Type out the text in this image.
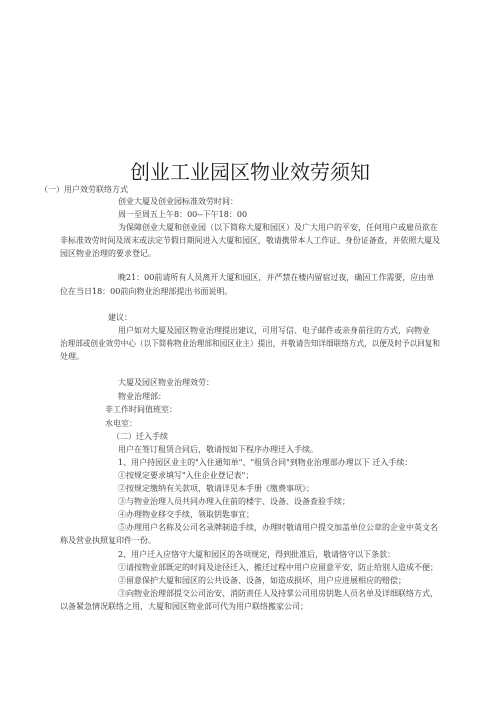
创业工业园区物业效劳须知
（一）用户效劳联络方式
创业大厦及创业园标准效劳时间：
周一至周五上午8：00--下午18：00
为保障创业大厦和创业园（以下简称大厦和园区）及广大用户的平安，任何用户或雇员欲在
非标准效劳时间及周末或法定节假日期间进入大厦和园区，敬请携带本人工作证、身份证备查，并依照大厦及
园区物业治理的要求登记。
晚21：00前请所有人员离开大厦和园区，并严禁在楼内留宿过夜，确因工作需要，应由单
位在当日18：00前向物业治理部提出书面说明。
建议：
用户如对大厦及园区物业治理提出建议，可用写信、电子邮件或亲身前往的方式，向物业
治理部或创业效劳中心（以下简称物业治理部和园区业主）提出，并敬请告知详细联络方式，以便及时予以回复和
处理。
大厦及园区物业治理效劳：
物业治理部：
非工作时间值班室：
水电室：
（二）迁入手续
用户在签订租赁合同后，敬请按如下程序办理迁入手续。
1、用户持园区业主的"入住通知单"、"租赁合同"到物业治理部办理以下 迁入手续：
①按规定要求填写"入住企业登记表"；
②按规定缴纳有关款项，敬请详见本手册《缴费事项》；
③与物业治理人员共同办理入住前的楼宇、设备、设备查验手续；
④办理物业移交手续，领取钥匙事宜；
⑤办理用户名称及公司名录牌制造手续，办理时敬请用户提交加盖单位公章的企业中英文名
称及营业执照复印件一份。
2、用户迁入应恪守大厦和园区的各项规定，得到批准后，敬请恪守以下条款：
①请按物业部既定的时间及途径迁入，搬迁过程中用户应留意平安，防止给别人造成不便；
②留意保护大厦和园区的公共设备、设备，如造成损坏，用户应进展相应的赔偿；
③向物业治理部提交公司治安、消防责任人及持掌公司用房钥匙人员名单及详细联络方式，
以备紧急情况联络之用，大厦和园区物业部可代为用户联络搬家公司；
